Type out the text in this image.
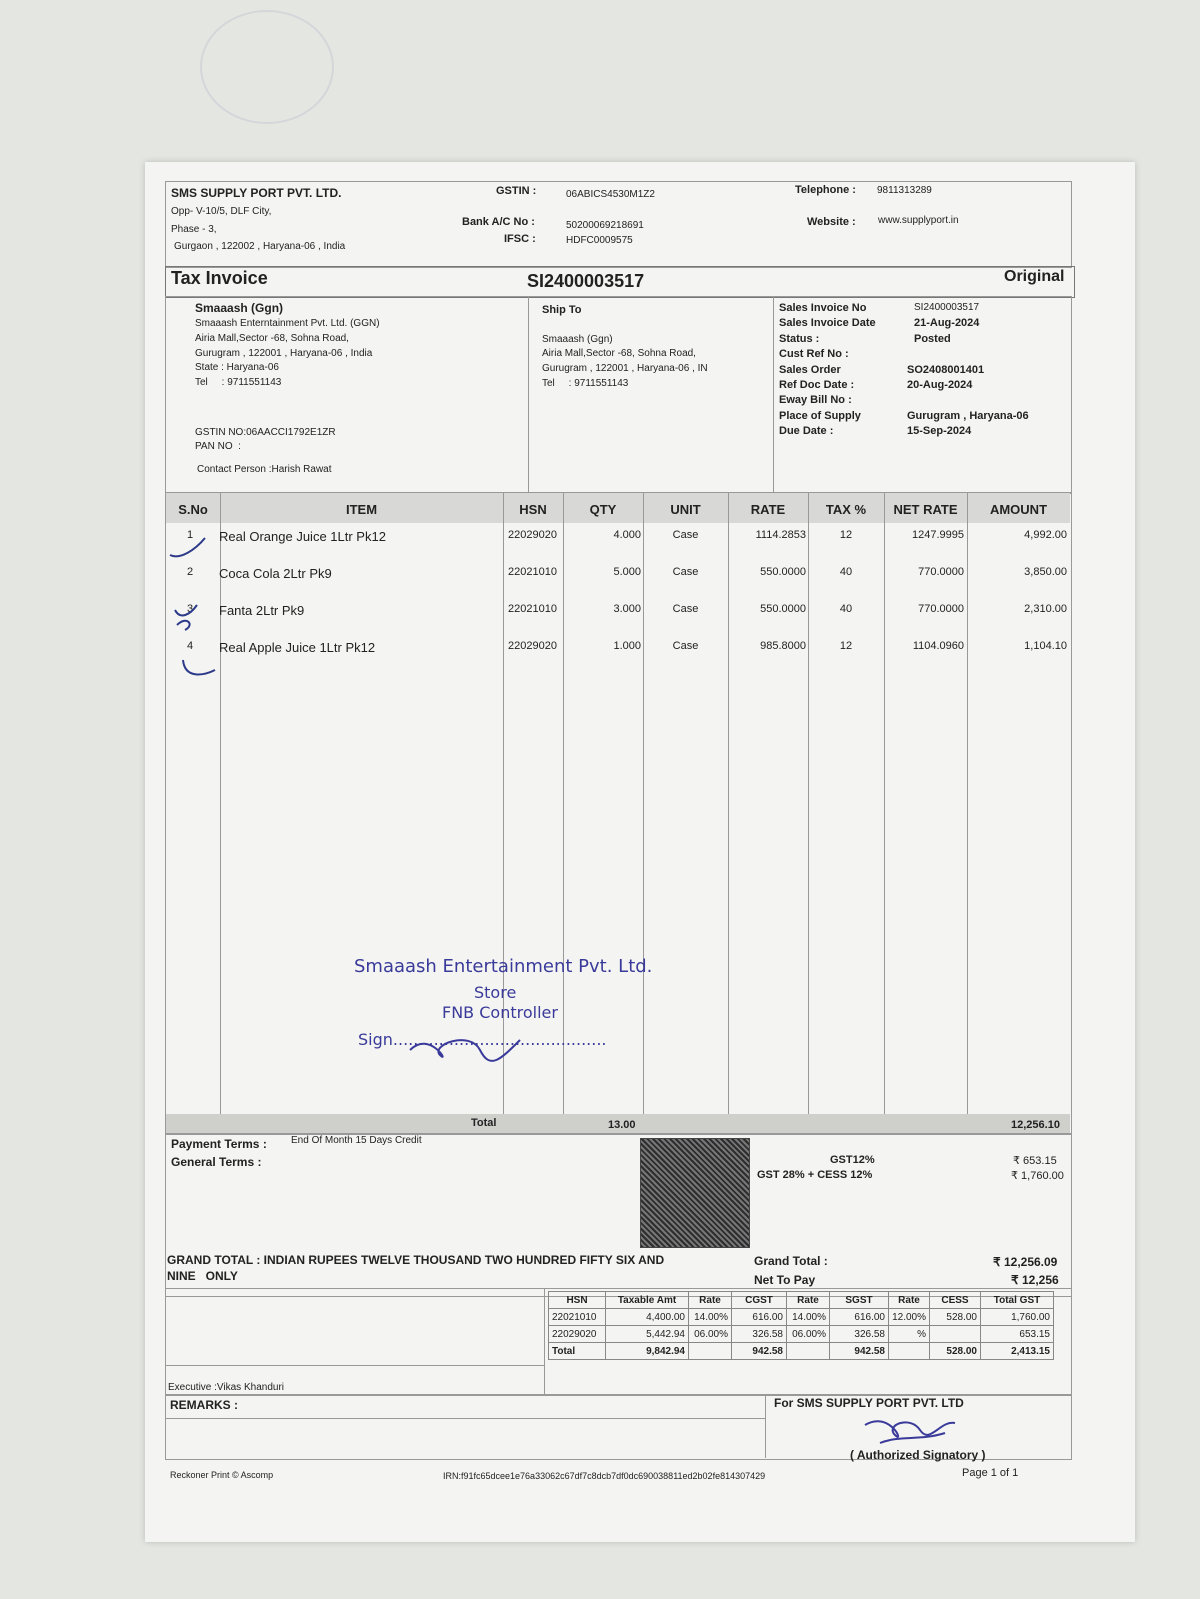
SMS SUPPLY PORT PVT. LTD.
Opp- V-10/5, DLF City,
Phase - 3,
Gurgaon , 122002 , Haryana-06 , India
GSTIN :	06ABICS4530M1Z2
Bank A/C No :	50200069218691
IFSC :	HDFC0009575
Telephone : 9811313289
Website : www.supplyport.in
Tax Invoice	SI2400003517	Original
Smaaash (Ggn)
Smaaash Enterntainment Pvt. Ltd. (GGN)
Airia Mall,Sector -68, Sohna Road,
Gurugram , 122001 , Haryana-06 , India
State : Haryana-06
Tel     : 9711551143
GSTIN NO:06AACCI1792E1ZR
PAN NO  :
Contact Person :Harish Rawat
Ship To
Smaaash (Ggn)
Airia Mall,Sector -68, Sohna Road,
Gurugram , 122001 , Haryana-06 , IN
Tel     : 9711551143
Sales Invoice No	SI2400003517
Sales Invoice Date	21-Aug-2024
Status :	Posted
Cust Ref No :
Sales Order	SO2408001401
Ref Doc Date :	20-Aug-2024
Eway Bill No :
Place of Supply	Gurugram , Haryana-06
Due Date :	15-Sep-2024
S.No	ITEM	HSN	QTY	UNIT	RATE	TAX %	NET RATE	AMOUNT
1	Real Orange Juice 1Ltr Pk12	22029020	4.000	Case	1114.2853	12	1247.9995	4,992.00
2	Coca Cola 2Ltr Pk9	22021010	5.000	Case	550.0000	40	770.0000	3,850.00
3	Fanta 2Ltr Pk9	22021010	3.000	Case	550.0000	40	770.0000	2,310.00
4	Real Apple Juice 1Ltr Pk12	22029020	1.000	Case	985.8000	12	1104.0960	1,104.10
Smaaash Entertainment Pvt. Ltd.
Store
FNB Controller
Sign..........................................
Total	13.00	12,256.10
Payment Terms : End Of Month 15 Days Credit
General Terms :	GST12%	₹ 653.15
GST 28% + CESS 12%	₹ 1,760.00
GRAND TOTAL : INDIAN RUPEES TWELVE THOUSAND TWO HUNDRED FIFTY SIX AND
NINE   ONLY
Grand Total :	₹ 12,256.09
Net To Pay	₹ 12,256
HSN	Taxable Amt	Rate	CGST	Rate	SGST	Rate	CESS	Total GST
22021010	4,400.00	14.00%	616.00	14.00%	616.00	12.00%	528.00	1,760.00
22029020	5,442.94	06.00%	326.58	06.00%	326.58	%		653.15
Total	9,842.94		942.58		942.58		528.00	2,413.15
Executive :Vikas Khanduri
REMARKS :	For SMS SUPPLY PORT PVT. LTD
( Authorized Signatory )
Reckoner Print © Ascomp	IRN:f91fc65dcee1e76a33062c67df7c8dcb7df0dc690038811ed2b02fe814307429	Page 1 of 1
